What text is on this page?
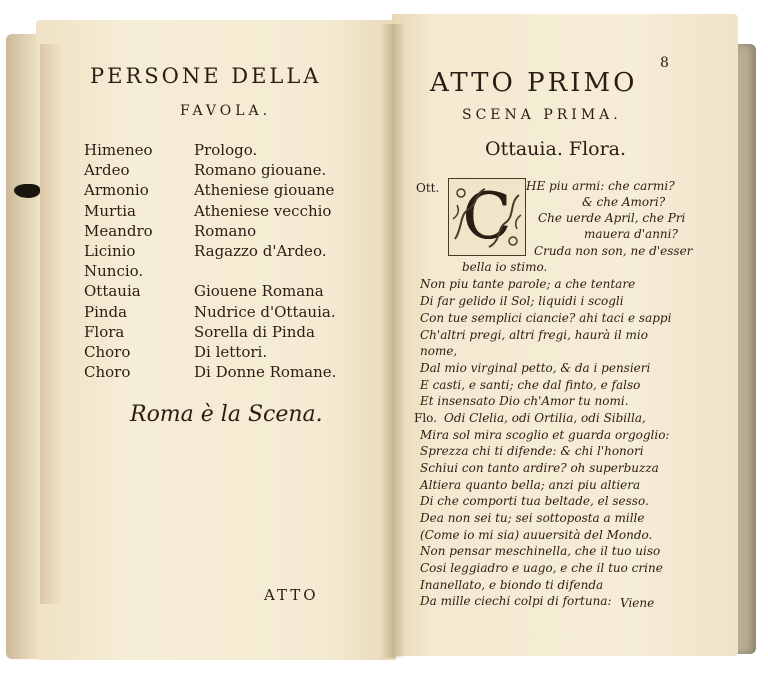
PERSONE DELLA
FAVOLA.
Himeneo	Prologo.
Ardeo	Romano giouane.
Armonio	Atheniese giouane
Murtia	Atheniese vecchio
Meandro	Romano
Licinio	Ragazzo d'Ardeo.
Nuncio.
Ottauia	Giouene Romana
Pinda	Nudrice d'Ottauia.
Flora	Sorella di Pinda
Choro	Di lettori.
Choro	Di Donne Romane.
Roma è la Scena.
ATTO
8
ATTO PRIMO
SCENA PRIMA.
Ottauia. Flora.
Ott. C HE piu armi: che carmi?
& che Amori?
Che uerde April, che Pri
mauera d'anni?
Cruda non son, ne d'esser
bella io stimo.
Non piu tante parole; a che tentare
Di far gelido il Sol; liquidi i scogli
Con tue semplici ciancie? ahi taci e sappi
Ch'altri pregi, altri fregi, haurà il mio
nome,
Dal mio virginal petto, & da i pensieri
E casti, e santi; che dal finto, e falso
Et insensato Dio ch'Amor tu nomi.
Flo. Odi Clelia, odi Ortilia, odi Sibilla,
Mira sol mira scoglio et guarda orgoglio:
Sprezza chi ti difende: & chi l'honori
Schiui con tanto ardire? oh superbuzza
Altiera quanto bella; anzi piu altiera
Di che comporti tua beltade, el sesso.
Dea non sei tu; sei sottoposta a mille
(Come io mi sia) auuersità del Mondo.
Non pensar meschinella, che il tuo uiso
Cosi leggiadro e uago, e che il tuo crine
Inanellato, e biondo ti difenda
Da mille ciechi colpi di fortuna: Viene
